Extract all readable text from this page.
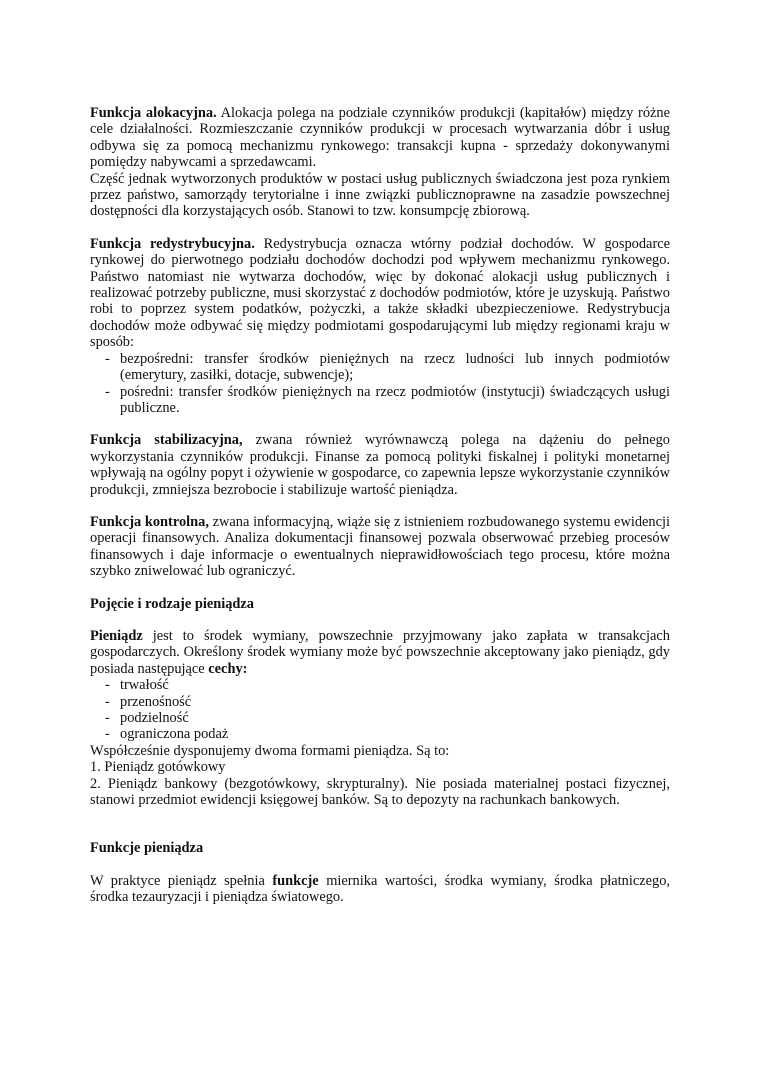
Funkcja alokacyjna. Alokacja polega na podziale czynników produkcji (kapitałów) między różne cele działalności. Rozmieszczanie czynników produkcji w procesach wytwarzania dóbr i usług odbywa się za pomocą mechanizmu rynkowego: transakcji kupna - sprzedaży dokonywanymi pomiędzy nabywcami a sprzedawcami.

Część jednak wytworzonych produktów w postaci usług publicznych świadczona jest poza rynkiem przez państwo, samorządy terytorialne i inne związki publicznoprawne na zasadzie powszechnej dostępności dla korzystających osób. Stanowi to tzw. konsumpcję zbiorową.

Funkcja redystrybucyjna. Redystrybucja oznacza wtórny podział dochodów. W gospodarce rynkowej do pierwotnego podziału dochodów dochodzi pod wpływem mechanizmu rynkowego. Państwo natomiast nie wytwarza dochodów, więc by dokonać alokacji usług publicznych i realizować potrzeby publiczne, musi skorzystać z dochodów podmiotów, które je uzyskują. Państwo robi to poprzez system podatków, pożyczki, a także składki ubezpieczeniowe. Redystrybucja dochodów może odbywać się między podmiotami gospodarującymi lub między regionami kraju w sposób:

- bezpośredni: transfer środków pieniężnych na rzecz ludności lub innych podmiotów (emerytury, zasiłki, dotacje, subwencje);
- pośredni: transfer środków pieniężnych na rzecz podmiotów (instytucji) świadczących usługi publiczne.

Funkcja stabilizacyjna, zwana również wyrównawczą polega na dążeniu do pełnego wykorzystania czynników produkcji. Finanse za pomocą polityki fiskalnej i polityki monetarnej wpływają na ogólny popyt i ożywienie w gospodarce, co zapewnia lepsze wykorzystanie czynników produkcji, zmniejsza bezrobocie i stabilizuje wartość pieniądza.

Funkcja kontrolna, zwana informacyjną, wiąże się z istnieniem rozbudowanego systemu ewidencji operacji finansowych. Analiza dokumentacji finansowej pozwala obserwować przebieg procesów finansowych i daje informacje o ewentualnych nieprawidłowościach tego procesu, które można szybko zniwelować lub ograniczyć.

Pojęcie i rodzaje pieniądza

Pieniądz jest to środek wymiany, powszechnie przyjmowany jako zapłata w transakcjach gospodarczych. Określony środek wymiany może być powszechnie akceptowany jako pieniądz, gdy posiada następujące cechy:

- trwałość
- przenośność
- podzielność
- ograniczona podaż

Współcześnie dysponujemy dwoma formami pieniądza. Są to:

1. Pieniądz gotówkowy

2. Pieniądz bankowy (bezgotówkowy, skrypturalny). Nie posiada materialnej postaci fizycznej, stanowi przedmiot ewidencji księgowej banków. Są to depozyty na rachunkach bankowych.

Funkcje pieniądza

W praktyce pieniądz spełnia funkcje miernika wartości, środka wymiany, środka płatniczego, środka tezauryzacji i pieniądza światowego.
